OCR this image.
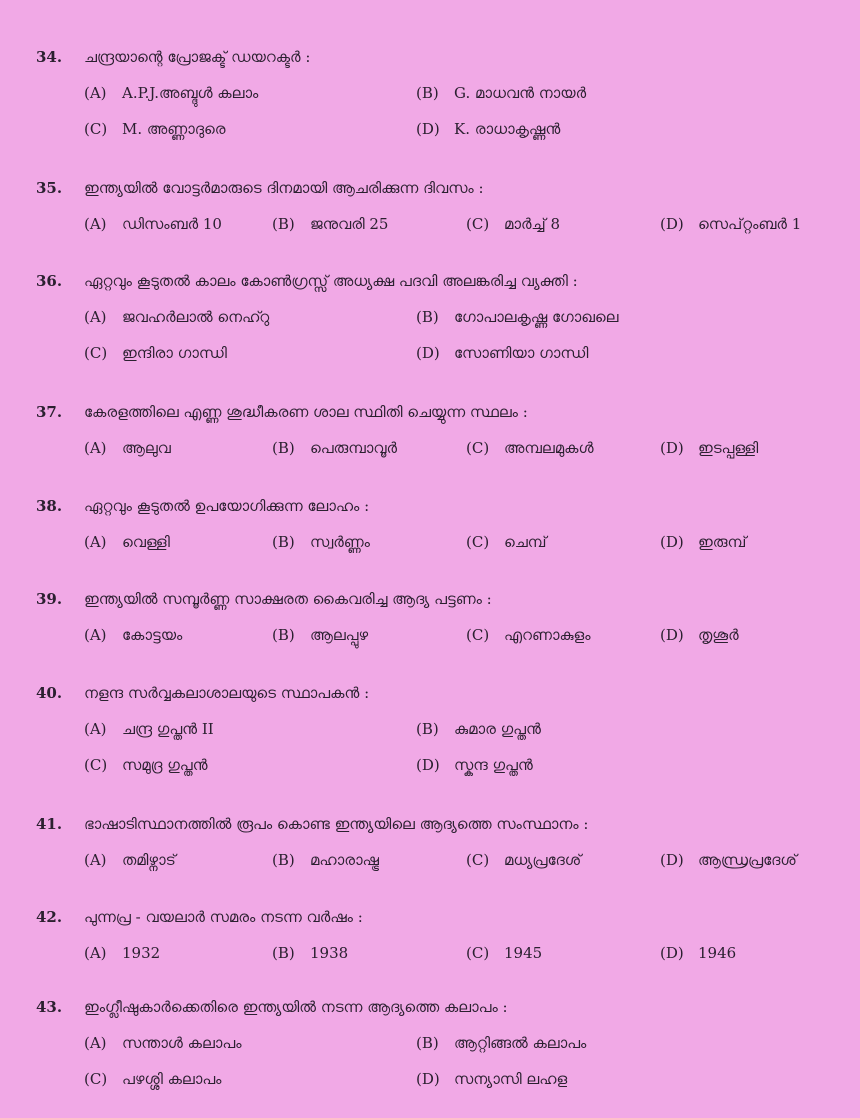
34. ചന്ദ്രയാന്റെ പ്രോജക്ട് ഡയറക്ടർ :
(A) A.P.J.അബ്ദുൾ കലാം	(B) G. മാധവൻ നായർ
(C) M. അണ്ണാദുരെ	(D) K. രാധാകൃഷ്ണൻ
35. ഇന്ത്യയിൽ വോട്ടർമാരുടെ ദിനമായി ആചരിക്കുന്ന ദിവസം :
(A) ഡിസംബർ 10	(B) ജനുവരി 25	(C) മാർച്ച് 8	(D) സെപ്റ്റംബർ 1
36. ഏറ്റവും കൂടുതൽ കാലം കോൺഗ്രസ്സ് അധ്യക്ഷ പദവി അലങ്കരിച്ച വ്യക്തി :
(A) ജവഹർലാൽ നെഹ്റു	(B) ഗോപാലകൃഷ്ണ ഗോഖലെ
(C) ഇന്ദിരാ ഗാന്ധി	(D) സോണിയാ ഗാന്ധി
37. കേരളത്തിലെ എണ്ണ ശുദ്ധീകരണ ശാല സ്ഥിതി ചെയ്യുന്ന സ്ഥലം :
(A) ആലുവ	(B) പെരുമ്പാവൂർ	(C) അമ്പലമുകൾ	(D) ഇടപ്പള്ളി
38. ഏറ്റവും കൂടുതൽ ഉപയോഗിക്കുന്ന ലോഹം :
(A) വെള്ളി	(B) സ്വർണ്ണം	(C) ചെമ്പ്	(D) ഇരുമ്പ്
39. ഇന്ത്യയിൽ സമ്പൂർണ്ണ സാക്ഷരത കൈവരിച്ച ആദ്യ പട്ടണം :
(A) കോട്ടയം	(B) ആലപ്പുഴ	(C) എറണാകുളം	(D) തൃശൂർ
40. നളന്ദ സർവ്വകലാശാലയുടെ സ്ഥാപകൻ :
(A) ചന്ദ്ര ഗുപ്തൻ II	(B) കുമാര ഗുപ്തൻ
(C) സമുദ്ര ഗുപ്തൻ	(D) സ്കന്ദ ഗുപ്തൻ
41. ഭാഷാടിസ്ഥാനത്തിൽ രൂപം കൊണ്ട ഇന്ത്യയിലെ ആദ്യത്തെ സംസ്ഥാനം :
(A) തമിഴ്നാട്	(B) മഹാരാഷ്ട്ര	(C) മധ്യപ്രദേശ്	(D) ആന്ധ്രപ്രദേശ്
42. പുന്നപ്ര - വയലാർ സമരം നടന്ന വർഷം :
(A) 1932	(B) 1938	(C) 1945	(D) 1946
43. ഇംഗ്ലീഷുകാർക്കെതിരെ ഇന്ത്യയിൽ നടന്ന ആദ്യത്തെ കലാപം :
(A) സന്താൾ കലാപം	(B) ആറ്റിങ്ങൽ കലാപം
(C) പഴശ്ശി കലാപം	(D) സന്യാസി ലഹള
